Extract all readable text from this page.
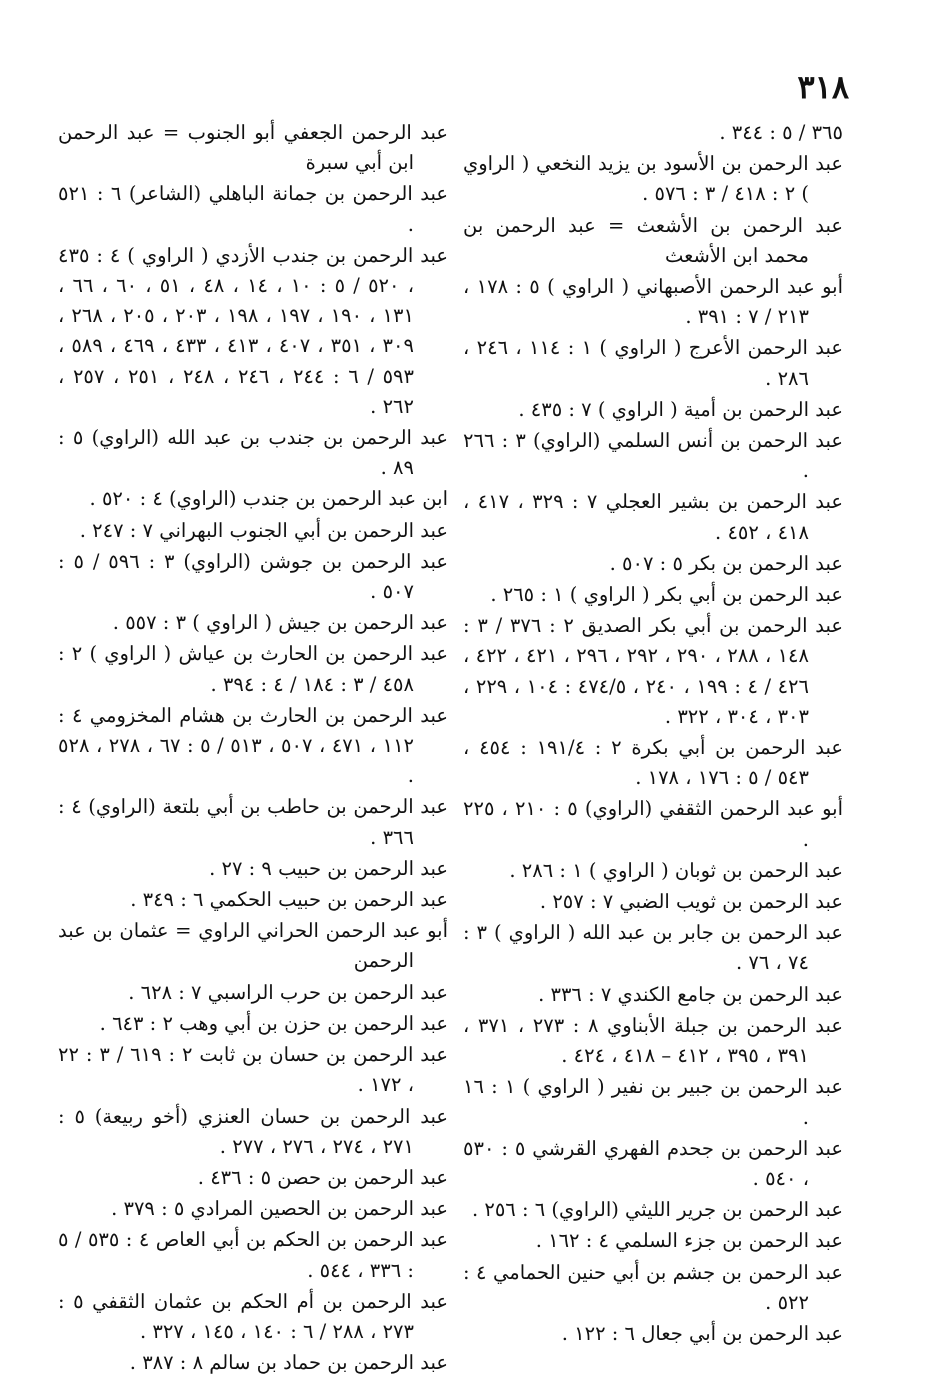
٣١٨
٣٦٥ / ٥ : ٣٤٤ .
عبد الرحمن بن الأسود بن يزيد النخعي ( الراوي ) ٢ : ٤١٨ / ٣ : ٥٧٦ .
عبد الرحمن بن الأشعث = عبد الرحمن بن محمد ابن الأشعث
أبو عبد الرحمن الأصبهاني ( الراوي ) ٥ : ١٧٨ ، ٢١٣ / ٧ : ٣٩١ .
عبد الرحمن الأعرج ( الراوي ) ١ : ١١٤ ، ٢٤٦ ، ٢٨٦ .
عبد الرحمن بن أمية ( الراوي ) ٧ : ٤٣٥ .
عبد الرحمن بن أنس السلمي (الراوي) ٣ : ٢٦٦ .
عبد الرحمن بن بشير العجلي ٧ : ٣٢٩ ، ٤١٧ ، ٤١٨ ، ٤٥٢ .
عبد الرحمن بن بكر ٥ : ٥٠٧ .
عبد الرحمن بن أبي بكر ( الراوي ) ١ : ٢٦٥ .
عبد الرحمن بن أبي بكر الصديق ٢ : ٣٧٦ / ٣ : ١٤٨ ، ٢٨٨ ، ٢٩٠ ، ٢٩٢ ، ٢٩٦ ، ٤٢١ ، ٤٢٢ ، ٤٢٦ / ٤ : ١٩٩ ، ٢٤٠ ، ٤٧٤/٥ : ١٠٤ ، ٢٢٩ ، ٣٠٣ ، ٣٠٤ ، ٣٢٢ .
عبد الرحمن بن أبي بكرة ٢ : ١٩١/٤ : ٤٥٤ ، ٥٤٣ / ٥ : ١٧٦ ، ١٧٨ .
أبو عبد الرحمن الثقفي (الراوي) ٥ : ٢١٠ ، ٢٢٥ .
عبد الرحمن بن ثوبان ( الراوي ) ١ : ٢٨٦ .
عبد الرحمن بن ثويب الضبي ٧ : ٢٥٧ .
عبد الرحمن بن جابر بن عبد الله ( الراوي ) ٣ : ٧٤ ، ٧٦ .
عبد الرحمن بن جامع الكندي ٧ : ٣٣٦ .
عبد الرحمن بن جبلة الأبناوي ٨ : ٢٧٣ ، ٣٧١ ، ٣٩١ ، ٣٩٥ ، ٤١٢ – ٤١٨ ، ٤٢٤ .
عبد الرحمن بن جبير بن نفير ( الراوي ) ١ : ١٦ .
عبد الرحمن بن جحدم الفهري القرشي ٥ : ٥٣٠ ، ٥٤٠ .
عبد الرحمن بن جرير الليثي (الراوي) ٦ : ٢٥٦ .
عبد الرحمن بن جزء السلمي ٤ : ١٦٢ .
عبد الرحمن بن جشم بن أبي حنين الحمامي ٤ : ٥٢٢ .
عبد الرحمن بن أبي جعال ٦ : ١٢٢ .
عبد الرحمن الجعفي أبو الجنوب = عبد الرحمن ابن أبي سبرة
عبد الرحمن بن جمانة الباهلي (الشاعر) ٦ : ٥٢١ .
عبد الرحمن بن جندب الأزدي ( الراوي ) ٤ : ٤٣٥ ، ٥٢٠ / ٥ : ١٠ ، ١٤ ، ٤٨ ، ٥١ ، ٦٠ ، ٦٦ ، ١٣١ ، ١٩٠ ، ١٩٧ ، ١٩٨ ، ٢٠٣ ، ٢٠٥ ، ٢٦٨ ، ٣٠٩ ، ٣٥١ ، ٤٠٧ ، ٤١٣ ، ٤٣٣ ، ٤٦٩ ، ٥٨٩ ، ٥٩٣ / ٦ : ٢٤٤ ، ٢٤٦ ، ٢٤٨ ، ٢٥١ ، ٢٥٧ ، ٢٦٢ .
عبد الرحمن بن جندب بن عبد الله (الراوي) ٥ : ٨٩ .
ابن عبد الرحمن بن جندب (الراوي) ٤ : ٥٢٠ .
عبد الرحمن بن أبي الجنوب البهراني ٧ : ٢٤٧ .
عبد الرحمن بن جوشن (الراوي) ٣ : ٥٩٦ / ٥ : ٥٠٧ .
عبد الرحمن بن جيش ( الراوي ) ٣ : ٥٥٧ .
عبد الرحمن بن الحارث بن عياش ( الراوي ) ٢ : ٤٥٨ / ٣ : ١٨٤ / ٤ : ٣٩٤ .
عبد الرحمن بن الحارث بن هشام المخزومي ٤ : ١١٢ ، ٤٧١ ، ٥٠٧ ، ٥١٣ / ٥ : ٦٧ ، ٢٧٨ ، ٥٢٨ .
عبد الرحمن بن حاطب بن أبي بلتعة (الراوي) ٤ : ٣٦٦ .
عبد الرحمن بن حبيب ٩ : ٢٧ .
عبد الرحمن بن حبيب الحكمي ٦ : ٣٤٩ .
أبو عبد الرحمن الحراني الراوي = عثمان بن عبد الرحمن
عبد الرحمن بن حرب الراسبي ٧ : ٦٢٨ .
عبد الرحمن بن حزن بن أبي وهب ٢ : ٦٤٣ .
عبد الرحمن بن حسان بن ثابت ٢ : ٦١٩ / ٣ : ٢٢ ، ١٧٢ .
عبد الرحمن بن حسان العنزي (أخو ربيعة) ٥ : ٢٧١ ، ٢٧٤ ، ٢٧٦ ، ٢٧٧ .
عبد الرحمن بن حصن ٥ : ٤٣٦ .
عبد الرحمن بن الحصين المرادي ٥ : ٣٧٩ .
عبد الرحمن بن الحكم بن أبي العاص ٤ : ٥٣٥ / ٥ : ٣٣٦ ، ٥٤٤ .
عبد الرحمن بن أم الحكم بن عثمان الثقفي ٥ : ٢٧٣ ، ٢٨٨ / ٦ : ١٤٠ ، ١٤٥ ، ٣٢٧ .
عبد الرحمن بن حماد بن سالم ٨ : ٣٨٧ .
